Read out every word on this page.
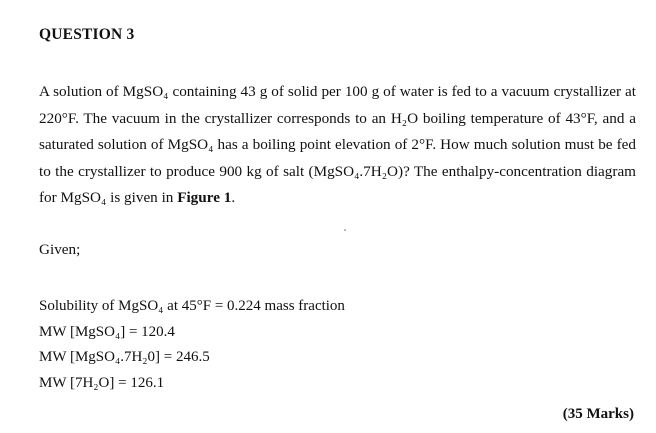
QUESTION 3
A solution of MgSO₄ containing 43 g of solid per 100 g of water is fed to a vacuum crystallizer at 220°F. The vacuum in the crystallizer corresponds to an H₂O boiling temperature of 43°F, and a saturated solution of MgSO₄ has a boiling point elevation of 2°F. How much solution must be fed to the crystallizer to produce 900 kg of salt (MgSO₄.7H₂O)? The enthalpy-concentration diagram for MgSO₄ is given in Figure 1.
Given;
Solubility of MgSO₄ at 45°F = 0.224 mass fraction
MW [MgSO₄] = 120.4
MW [MgSO₄.7H₂0] = 246.5
MW [7H₂O] = 126.1
(35 Marks)
